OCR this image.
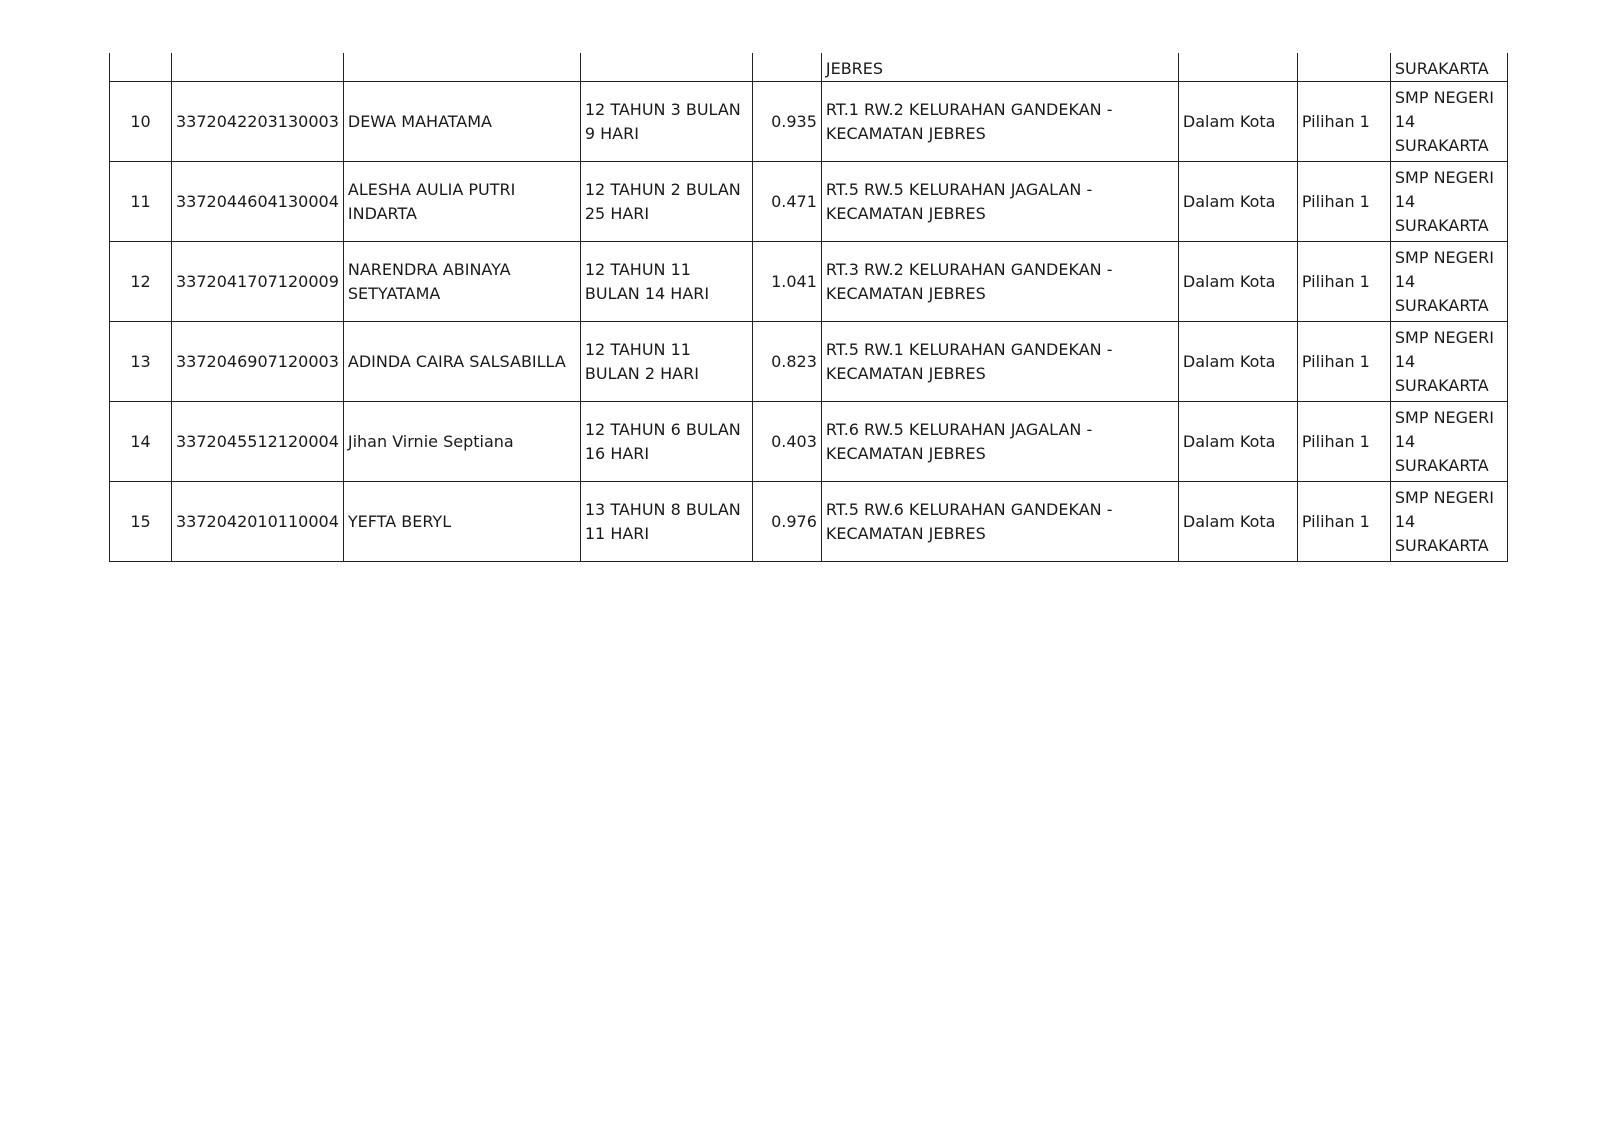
					JEBRES			SURAKARTA
10	3372042203130003	DEWA MAHATAMA	12 TAHUN 3 BULAN 9 HARI	0.935	RT.1 RW.2 KELURAHAN GANDEKAN - KECAMATAN JEBRES	Dalam Kota	Pilihan 1	SMP NEGERI 14 SURAKARTA
11	3372044604130004	ALESHA AULIA PUTRI INDARTA	12 TAHUN 2 BULAN 25 HARI	0.471	RT.5 RW.5 KELURAHAN JAGALAN - KECAMATAN JEBRES	Dalam Kota	Pilihan 1	SMP NEGERI 14 SURAKARTA
12	3372041707120009	NARENDRA ABINAYA SETYATAMA	12 TAHUN 11 BULAN 14 HARI	1.041	RT.3 RW.2 KELURAHAN GANDEKAN - KECAMATAN JEBRES	Dalam Kota	Pilihan 1	SMP NEGERI 14 SURAKARTA
13	3372046907120003	ADINDA CAIRA SALSABILLA	12 TAHUN 11 BULAN 2 HARI	0.823	RT.5 RW.1 KELURAHAN GANDEKAN - KECAMATAN JEBRES	Dalam Kota	Pilihan 1	SMP NEGERI 14 SURAKARTA
14	3372045512120004	Jihan Virnie Septiana	12 TAHUN 6 BULAN 16 HARI	0.403	RT.6 RW.5 KELURAHAN JAGALAN - KECAMATAN JEBRES	Dalam Kota	Pilihan 1	SMP NEGERI 14 SURAKARTA
15	3372042010110004	YEFTA BERYL	13 TAHUN 8 BULAN 11 HARI	0.976	RT.5 RW.6 KELURAHAN GANDEKAN - KECAMATAN JEBRES	Dalam Kota	Pilihan 1	SMP NEGERI 14 SURAKARTA
